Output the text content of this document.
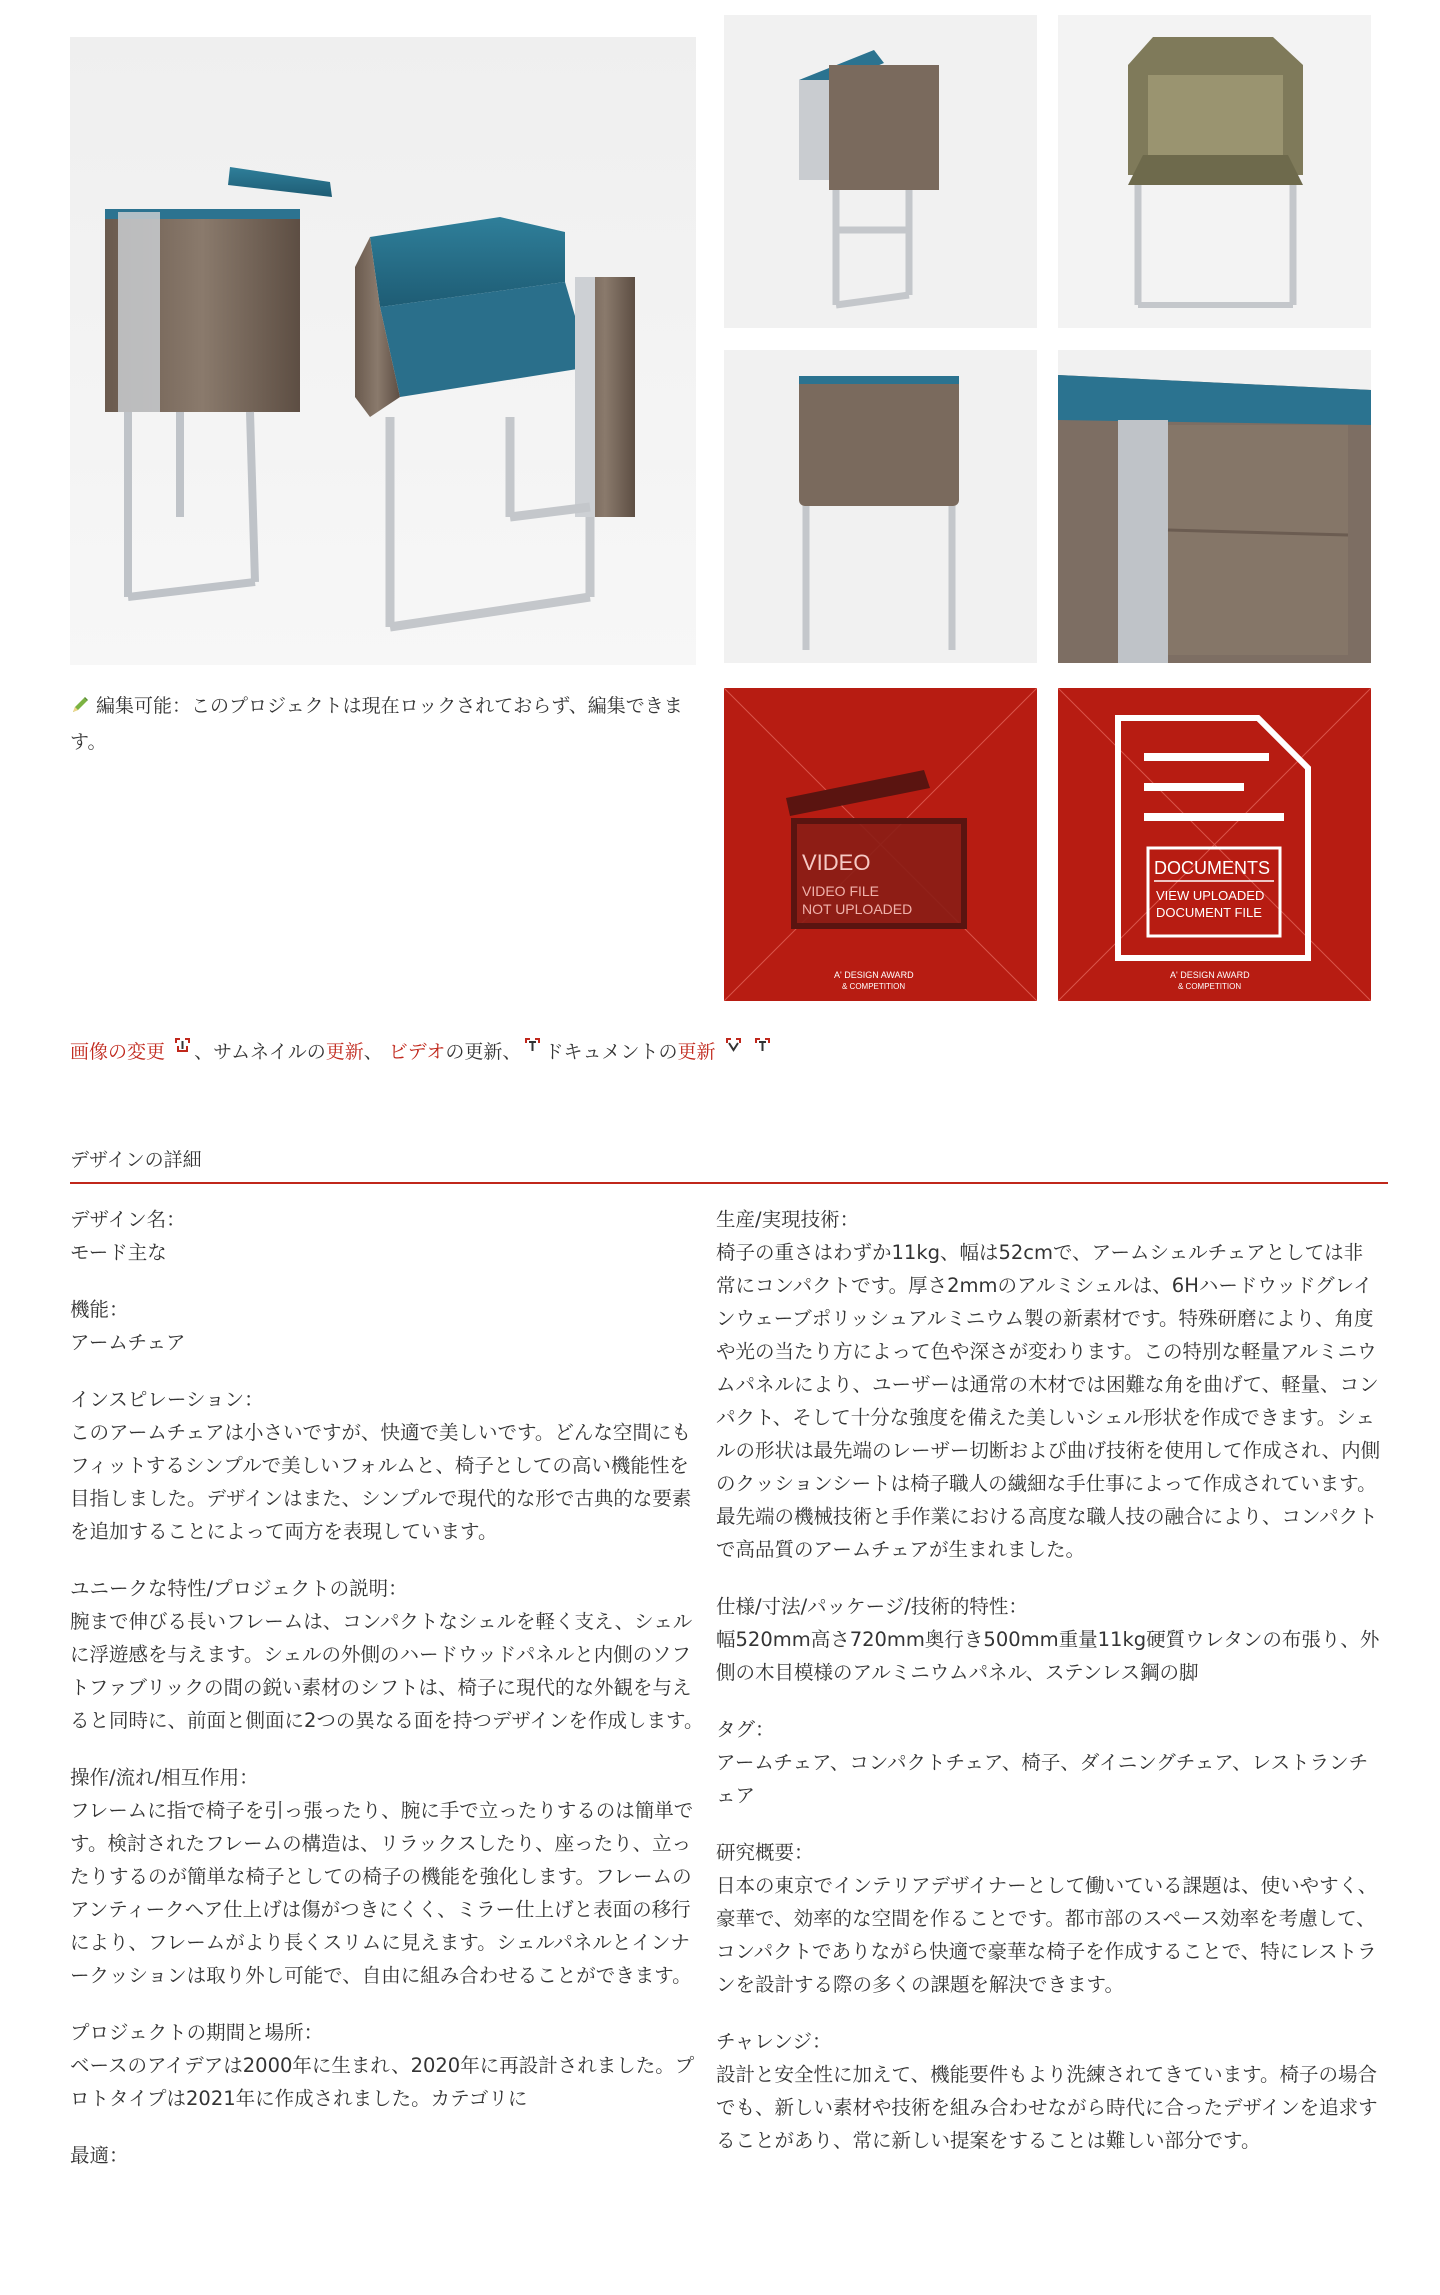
VIDEO
VIDEO FILE
NOT UPLOADED
A' DESIGN AWARD
& COMPETITION
DOCUMENTS
VIEW UPLOADED
DOCUMENT FILE
A' DESIGN AWARD
& COMPETITION
編集可能：このプロジェクトは現在ロックされておらず、編集できます。
画像の変更 、サムネイルの更新、 ビデオの更新、 ドキュメントの更新
デザインの詳細
デザイン名：
モード主な
機能：
アームチェア
インスピレーション：
このアームチェアは小さいですが、快適で美しいです。どんな空間にもフィットするシンプルで美しいフォルムと、椅子としての高い機能性を目指しました。デザインはまた、シンプルで現代的な形で古典的な要素を追加することによって両方を表現しています。
ユニークな特性/プロジェクトの説明：
腕まで伸びる長いフレームは、コンパクトなシェルを軽く支え、シェルに浮遊感を与えます。シェルの外側のハードウッドパネルと内側のソフトファブリックの間の鋭い素材のシフトは、椅子に現代的な外観を与えると同時に、前面と側面に2つの異なる面を持つデザインを作成します。
操作/流れ/相互作用：
フレームに指で椅子を引っ張ったり、腕に手で立ったりするのは簡単です。検討されたフレームの構造は、リラックスしたり、座ったり、立ったりするのが簡単な椅子としての椅子の機能を強化します。フレームのアンティークヘア仕上げは傷がつきにくく、ミラー仕上げと表面の移行により、フレームがより長くスリムに見えます。シェルパネルとインナークッションは取り外し可能で、自由に組み合わせることができます。
プロジェクトの期間と場所：
ベースのアイデアは2000年に生まれ、2020年に再設計されました。プロトタイプは2021年に作成されました。カテゴリに
最適：
生産/実現技術：
椅子の重さはわずか11kg、幅は52cmで、アームシェルチェアとしては非常にコンパクトです。厚さ2mmのアルミシェルは、6Hハードウッドグレインウェーブポリッシュアルミニウム製の新素材です。特殊研磨により、角度や光の当たり方によって色や深さが変わります。この特別な軽量アルミニウムパネルにより、ユーザーは通常の木材では困難な角を曲げて、軽量、コンパクト、そして十分な強度を備えた美しいシェル形状を作成できます。シェルの形状は最先端のレーザー切断および曲げ技術を使用して作成され、内側のクッションシートは椅子職人の繊細な手仕事によって作成されています。最先端の機械技術と手作業における高度な職人技の融合により、コンパクトで高品質のアームチェアが生まれました。
仕様/寸法/パッケージ/技術的特性：
幅520mm高さ720mm奥行き500mm重量11kg硬質ウレタンの布張り、外側の木目模様のアルミニウムパネル、ステンレス鋼の脚
タグ：
アームチェア、コンパクトチェア、椅子、ダイニングチェア、レストランチェア
研究概要：
日本の東京でインテリアデザイナーとして働いている課題は、使いやすく、豪華で、効率的な空間を作ることです。都市部のスペース効率を考慮して、コンパクトでありながら快適で豪華な椅子を作成することで、特にレストランを設計する際の多くの課題を解決できます。
チャレンジ：
設計と安全性に加えて、機能要件もより洗練されてきています。椅子の場合でも、新しい素材や技術を組み合わせながら時代に合ったデザインを追求することがあり、常に新しい提案をすることは難しい部分です。
